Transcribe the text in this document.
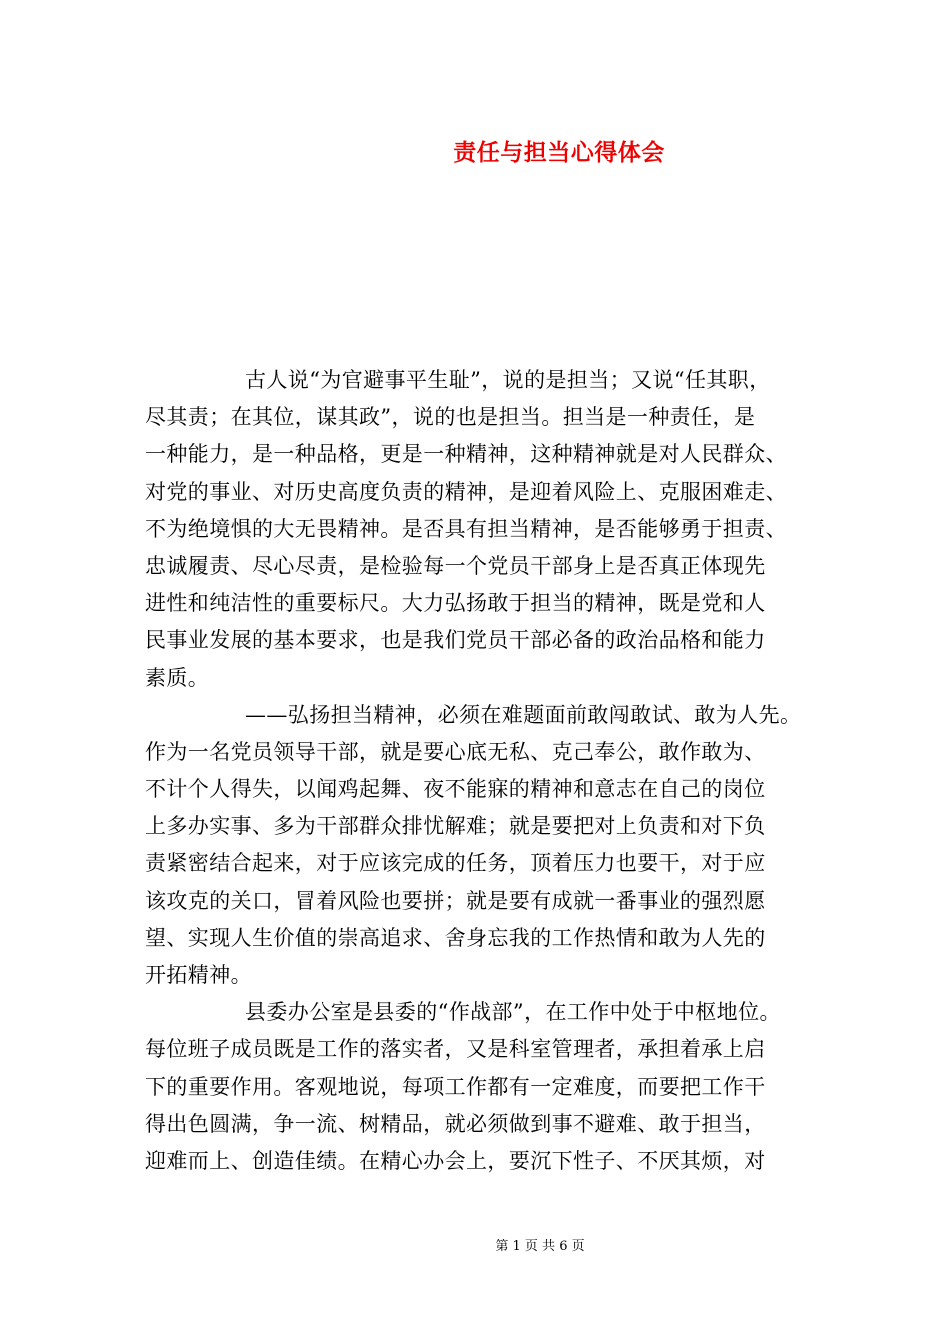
责任与担当心得体会
古人说“为官避事平生耻”，说的是担当；又说“任其职，
尽其责；在其位，谋其政”，说的也是担当。担当是一种责任，是
一种能力，是一种品格，更是一种精神，这种精神就是对人民群众、
对党的事业、对历史高度负责的精神，是迎着风险上、克服困难走、
不为绝境惧的大无畏精神。是否具有担当精神，是否能够勇于担责、
忠诚履责、尽心尽责，是检验每一个党员干部身上是否真正体现先
进性和纯洁性的重要标尺。大力弘扬敢于担当的精神，既是党和人
民事业发展的基本要求，也是我们党员干部必备的政治品格和能力
素质。
——弘扬担当精神，必须在难题面前敢闯敢试、敢为人先。
作为一名党员领导干部，就是要心底无私、克己奉公，敢作敢为、
不计个人得失，以闻鸡起舞、夜不能寐的精神和意志在自己的岗位
上多办实事、多为干部群众排忧解难；就是要把对上负责和对下负
责紧密结合起来，对于应该完成的任务，顶着压力也要干，对于应
该攻克的关口，冒着风险也要拼；就是要有成就一番事业的强烈愿
望、实现人生价值的崇高追求、舍身忘我的工作热情和敢为人先的
开拓精神。
县委办公室是县委的“作战部”，在工作中处于中枢地位。
每位班子成员既是工作的落实者，又是科室管理者，承担着承上启
下的重要作用。客观地说，每项工作都有一定难度，而要把工作干
得出色圆满，争一流、树精品，就必须做到事不避难、敢于担当，
迎难而上、创造佳绩。在精心办会上，要沉下性子、不厌其烦，对
第 1 页 共 6 页
